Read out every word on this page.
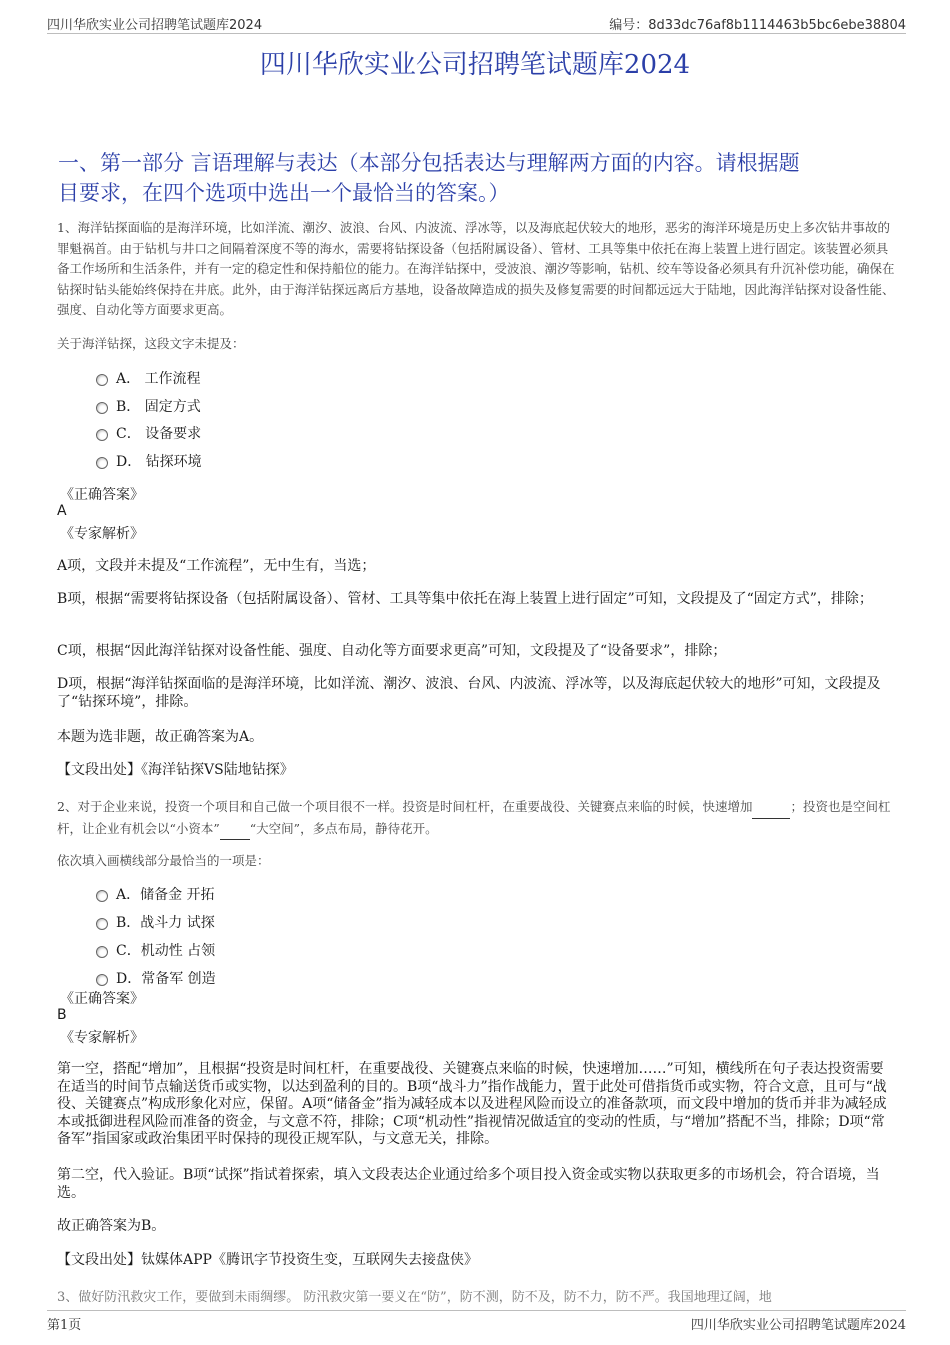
四川华欣实业公司招聘笔试题库2024	编号：8d33dc76af8b1114463b5bc6ebe38804
四川华欣实业公司招聘笔试题库2024
一、第一部分 言语理解与表达（本部分包括表达与理解两方面的内容。请根据题
目要求，在四个选项中选出一个最恰当的答案。）

1、海洋钻探面临的是海洋环境，比如洋流、潮汐、波浪、台风、内波流、浮冰等，以及海底起伏较大的地形，恶劣的海洋环境是历史上多次钻井事故的罪魁祸首。由于钻机与井口之间隔着深度不等的海水，需要将钻探设备（包括附属设备）、管材、工具等集中依托在海上装置上进行固定。该装置必须具备工作场所和生活条件，并有一定的稳定性和保持船位的能力。在海洋钻探中，受波浪、潮汐等影响，钻机、绞车等设备必须具有升沉补偿功能，确保在钻探时钻头能始终保持在井底。此外，由于海洋钻探远离后方基地，设备故障造成的损失及修复需要的时间都远远大于陆地，因此海洋钻探对设备性能、强度、自动化等方面要求更高。

关于海洋钻探，这段文字未提及：
A． 工作流程
B． 固定方式
C． 设备要求
D． 钻探环境
《正确答案》
A
《专家解析》

A项，文段并未提及“工作流程”，无中生有，当选；

B项，根据“需要将钻探设备（包括附属设备）、管材、工具等集中依托在海上装置上进行固定”可知，文段提及了“固定方式”，排除；

C项，根据“因此海洋钻探对设备性能、强度、自动化等方面要求更高”可知，文段提及了“设备要求”，排除；

D项，根据“海洋钻探面临的是海洋环境，比如洋流、潮汐、波浪、台风、内波流、浮冰等，以及海底起伏较大的地形”可知，文段提及了“钻探环境”，排除。

本题为选非题，故正确答案为A。

【文段出处】《海洋钻探VS陆地钻探》

2、对于企业来说，投资一个项目和自己做一个项目很不一样。投资是时间杠杆，在重要战役、关键赛点来临的时候，快速增加	；投资也是空间杠杆，让企业有机会以“小资本” “大空间”，多点布局，静待花开。

依次填入画横线部分最恰当的一项是：
A．储备金 开拓
B．战斗力 试探
C．机动性 占领
D．常备军 创造
《正确答案》
B
《专家解析》

第一空，搭配“增加”，且根据“投资是时间杠杆，在重要战役、关键赛点来临的时候，快速增加……”可知，横线所在句子表达投资需要在适当的时间节点输送货币或实物，以达到盈利的目的。B项“战斗力”指作战能力，置于此处可借指货币或实物，符合文意，且可与“战役、关键赛点”构成形象化对应，保留。A项“储备金”指为减轻成本以及进程风险而设立的准备款项，而文段中增加的货币并非为减轻成本或抵御进程风险而准备的资金，与文意不符，排除；C项“机动性”指视情况做适宜的变动的性质，与“增加”搭配不当，排除；D项“常备军”指国家或政治集团平时保持的现役正规军队，与文意无关，排除。

第二空，代入验证。B项“试探”指试着探索，填入文段表达企业通过给多个项目投入资金或实物以获取更多的市场机会，符合语境，当选。

故正确答案为B。

【文段出处】钛媒体APP《腾讯字节投资生变，互联网失去接盘侠》

3、做好防汛救灾工作，要做到未雨绸缪。 防汛救灾第一要义在“防”，防不测，防不及，防不力，防不严。我国地理辽阔，地
第1页	四川华欣实业公司招聘笔试题库2024
